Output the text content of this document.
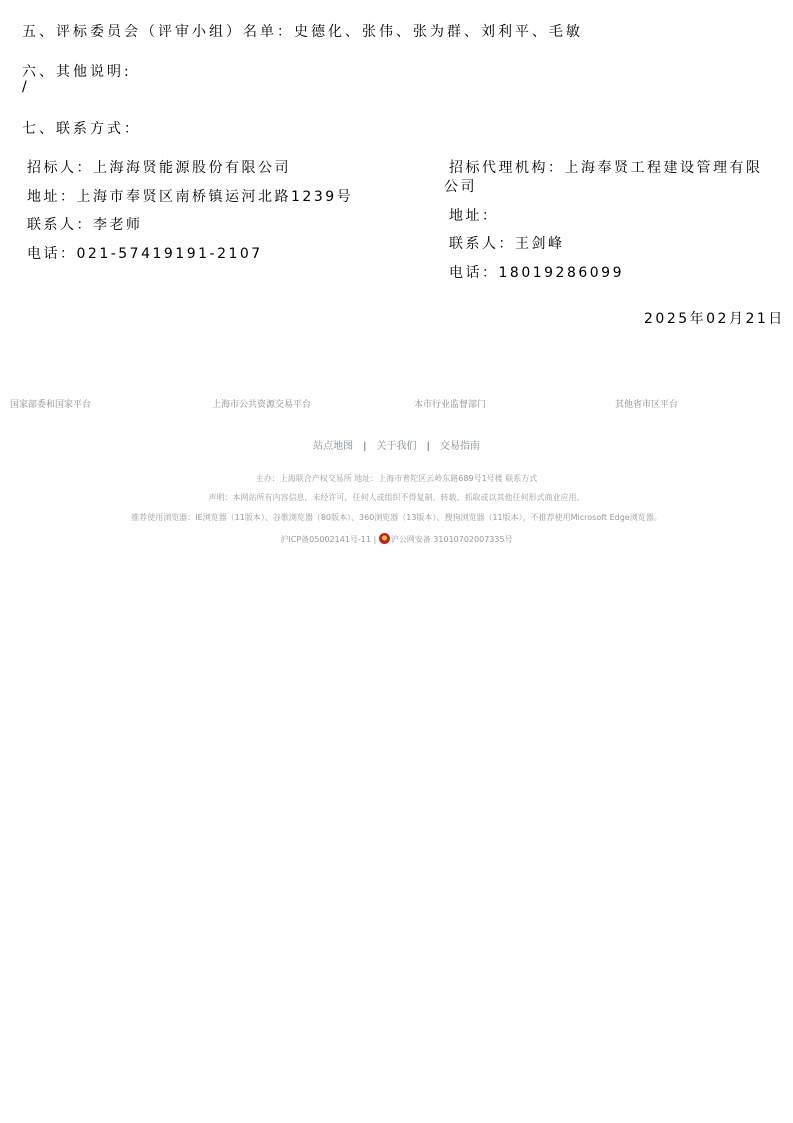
五、评标委员会（评审小组）名单：史德化、张伟、张为群、刘利平、毛敏
六、其他说明:
/
七、联系方式：
招标人：上海海贤能源股份有限公司
地址：上海市奉贤区南桥镇运河北路1239号
联系人：李老师
电话：021-57419191-2107
招标代理机构：上海奉贤工程建设管理有限
公司
地址：
联系人：王剑峰
电话：18019286099
2025年02月21日
国家部委和国家平台	上海市公共资源交易平台	本市行业监督部门	其他省市区平台
站点地图 | 关于我们 | 交易指南
主办：上海联合产权交易所 地址：上海市普陀区云岭东路689号1号楼 联系方式
声明：本网站所有内容信息，未经许可，任何人或组织不得复制、转载、抓取或以其他任何形式商业应用。
推荐使用浏览器：IE浏览器（11版本）、谷歌浏览器（80版本）、360浏览器（13版本）、搜狗浏览器（11版本），不推荐使用Microsoft Edge浏览器。
沪ICP备05002141号-11 | 沪公网安备 31010702007335号
